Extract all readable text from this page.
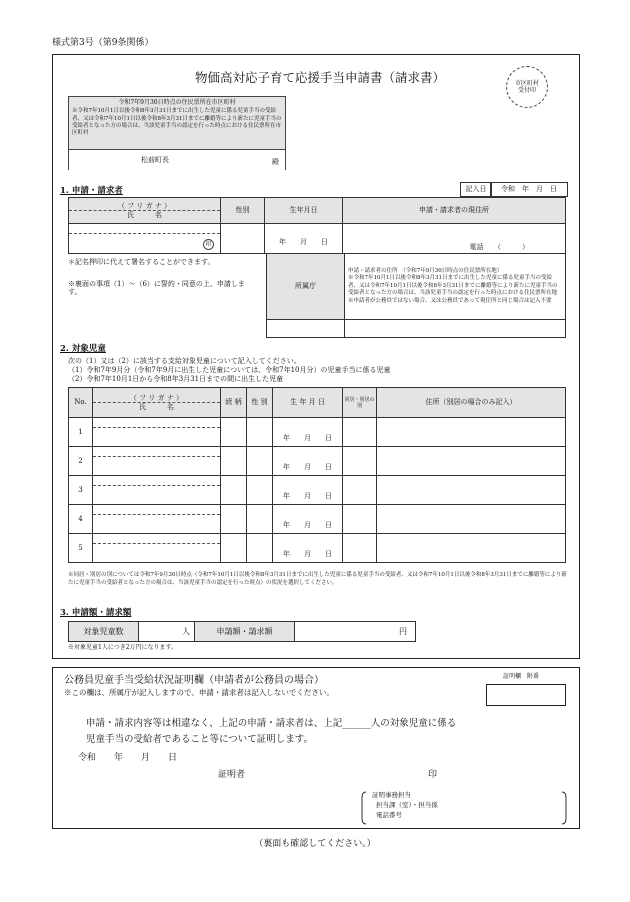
様式第3号（第9条関係）
物価高対応子育て応援手当申請書（請求書）	市区町村
受付印
令和7年9月30日時点の住民票所在市区町村
※令和7年10月1日以後令和8年3月31日までに出生した児童に係る児童手当の受給者、又は令和7年10月1日以後令和8年3月31日までに離婚等により新たに児童手当の受給者となった方の場合は、当該児童手当の認定を行った時点における住民票所在市区町村
松前町長	殿
1. 申請・請求者	記入日	令和　年　月　日
（ フ リ ガ ナ ）
氏　　　名	性別	生年月日	申請・請求者の現住所

印		年　　月　　日	電話　　（　　　）
＊記名押印に代えて署名することができます。
※裏面の事項（1）～（6）に誓約・同意の上、申請します。
所属庁	申請・請求者の住所　（令和7年9月30日時点の住民票所在地）
※令和7年10月1日以後令和8年3月31日までに出生した児童に係る児童手当の受給者、又は令和7年10月1日以後令和8年3月31日までに離婚等により新たに児童手当の受給者となった方の場合は、当該児童手当の認定を行った時点における住民票所在地
※申請者が公務員ではない場合、又は公務員であって現住所と同じ場合は記入不要

2. 対象児童
次の（1）又は（2）に該当する支給対象児童について記入してください。
（1）令和7年9月分（令和7年9月に出生した児童については、令和7年10月分）の児童手当に係る児童
（2）令和7年10月1日から令和8年3月31日までの間に出生した児童
No.	（ フ リ ガ ナ ）
氏　　　名	続 柄	性 別	生 年 月 日	同居・別居の別	住所（別居の場合のみ記入）
1				年　　月　　日		
2				年　　月　　日		
3				年　　月　　日		
4				年　　月　　日		
5				年　　月　　日		
※同居・別居の別については令和7年9月30日時点（令和7年10月1日以後令和8年3月31日までに出生した児童に係る児童手当の受給者、又は令和7年10月1日以後令和8年3月31日までに離婚等により新たに児童手当の受給者となった方の場合は、当該児童手当の認定を行った時点）の状況を選択してください。
3. 申請額・請求額
対象児童数	人	申請額・請求額	円
※対象児童1人につき2万円になります。
公務員児童手当受給状況証明欄（申請者が公務員の場合）	証明欄　附番
※この欄は、所属庁が記入しますので、申請・請求者は記入しないでください。
申請・請求内容等は相違なく、上記の申請・請求者は、上記______人の対象児童に係る
児童手当の受給者であること等について証明します。
令和　　年　　月　　日
証明者	印
証明事務担当
担当課（室）・担当係
電話番号
（裏面も確認してください。）
